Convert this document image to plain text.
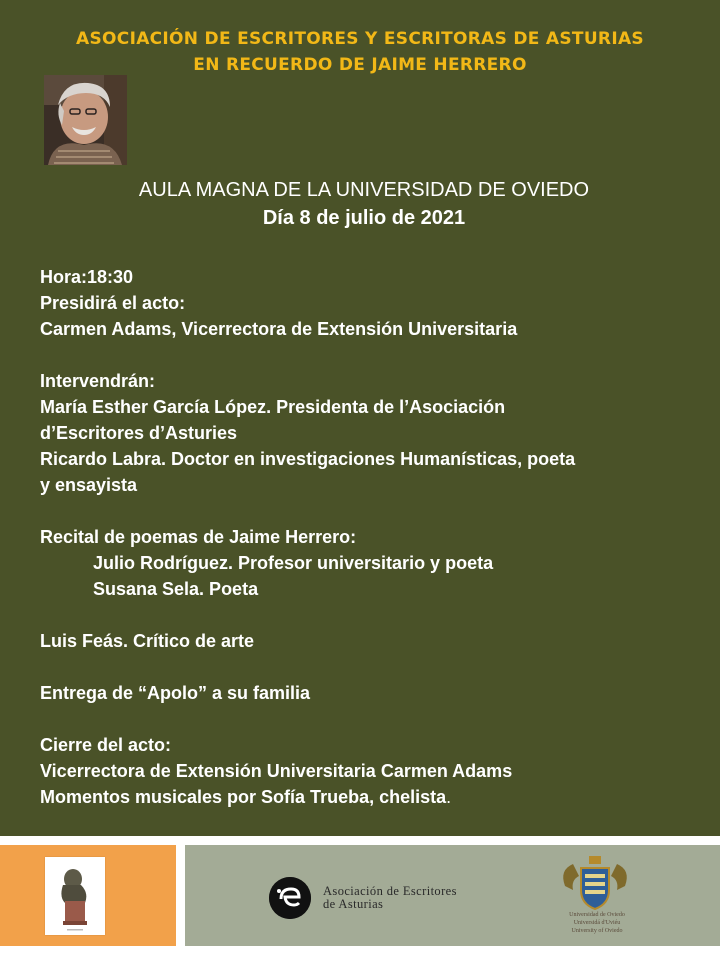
ASOCIACIÓN DE ESCRITORES Y ESCRITORAS DE ASTURIAS
EN RECUERDO DE JAIME HERRERO
AULA MAGNA DE LA UNIVERSIDAD DE OVIEDO
Día 8 de julio de 2021
Hora:18:30
Presidirá el acto:
Carmen Adams, Vicerrectora de Extensión Universitaria
Intervendrán:
María Esther García López. Presidenta de l’Asociación
d’Escritores d’Asturies
Ricardo Labra. Doctor en investigaciones Humanísticas, poeta
y ensayista
Recital de poemas de Jaime Herrero:
Julio Rodríguez. Profesor universitario y poeta
Susana Sela. Poeta
Luis Feás. Crítico de arte
Entrega de “Apolo” a su familia
Cierre del acto:
Vicerrectora de Extensión Universitaria Carmen Adams
Momentos musicales por Sofía Trueba, chelista.
Asociación de Escritores
de Asturias
Universidad de Oviedo
Universidá d'Uviéu
University of Oviedo
